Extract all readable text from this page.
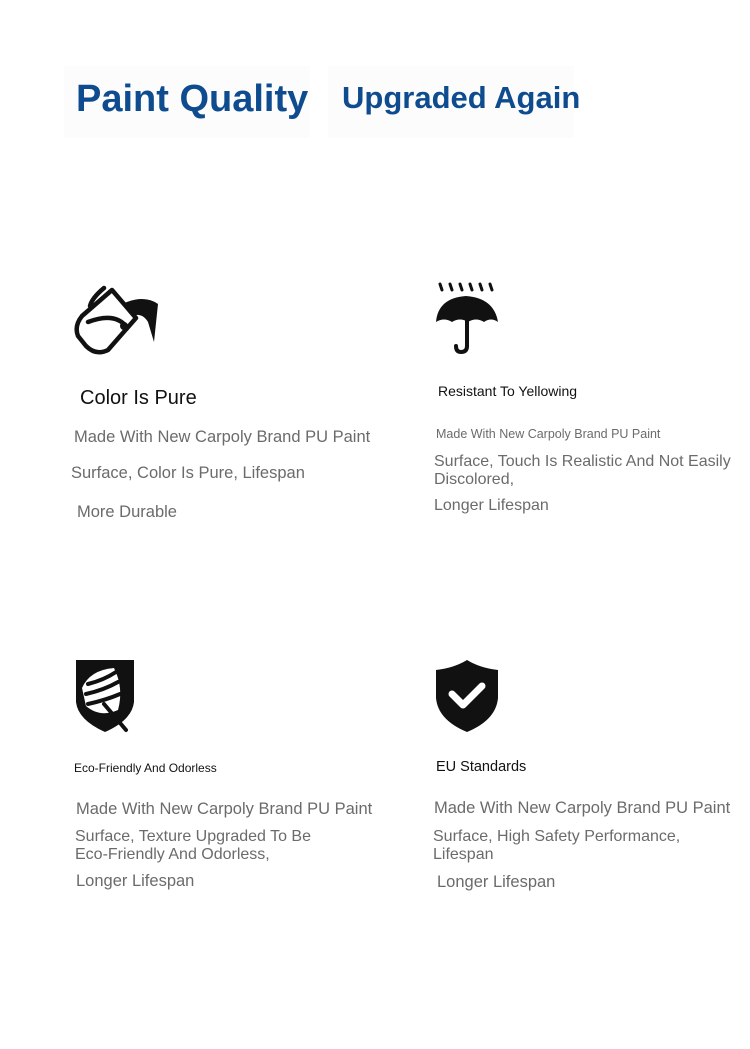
Paint Quality	Upgraded Again
Color Is Pure
Made With New Carpoly Brand PU Paint
Surface, Color Is Pure, Lifespan
More Durable
Resistant To Yellowing
Made With New Carpoly Brand PU Paint
Surface, Touch Is Realistic And Not Easily Discolored,
Longer Lifespan
Eco-Friendly And Odorless
Made With New Carpoly Brand PU Paint
Surface, Texture Upgraded To Be Eco-Friendly And Odorless,
Longer Lifespan
EU Standards
Made With New Carpoly Brand PU Paint
Surface, High Safety Performance, Lifespan
Longer Lifespan
